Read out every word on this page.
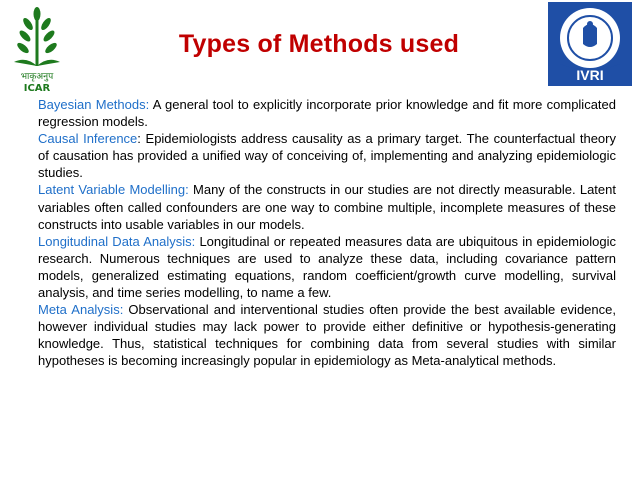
भाकृअनुप
ICAR
IVRI
Types of Methods used

Bayesian Methods: A general tool to explicitly incorporate prior knowledge and fit more complicated regression models.

Causal Inference: Epidemiologists address causality as a primary target. The counterfactual theory of causation has provided a unified way of conceiving of, implementing and analyzing epidemiologic studies.

Latent Variable Modelling: Many of the constructs in our studies are not directly measurable. Latent variables often called confounders are one way to combine multiple, incomplete measures of these constructs into usable variables in our models.

Longitudinal Data Analysis: Longitudinal or repeated measures data are ubiquitous in epidemiologic research. Numerous techniques are used to analyze these data, including covariance pattern models, generalized estimating equations, random coefficient/growth curve modelling, survival analysis, and time series modelling, to name a few.

Meta Analysis: Observational and interventional studies often provide the best available evidence, however individual studies may lack power to provide either definitive or hypothesis-generating knowledge. Thus, statistical techniques for combining data from several studies with similar hypotheses is becoming increasingly popular in epidemiology as Meta-analytical methods.
